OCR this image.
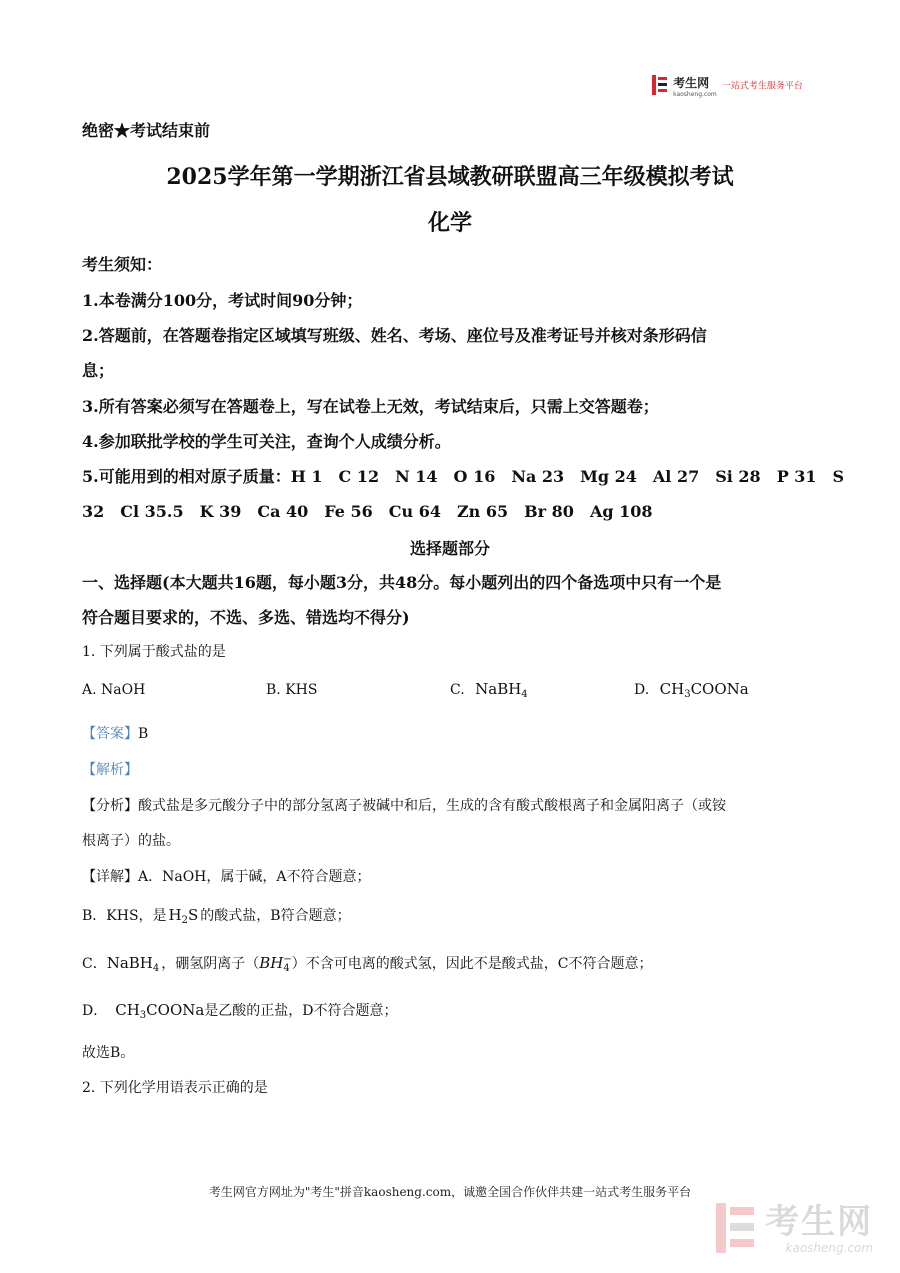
考生网
kaosheng.com
一站式考生服务平台
绝密★考试结束前
2025学年第一学期浙江省县域教研联盟高三年级模拟考试
化学
考生须知：
1.本卷满分100分，考试时间90分钟；
2.答题前，在答题卷指定区域填写班级、姓名、考场、座位号及准考证号并核对条形码信
息；
3.所有答案必须写在答题卷上，写在试卷上无效，考试结束后，只需上交答题卷；
4.参加联批学校的学生可关注，查询个人成绩分析。
5.可能用到的相对原子质量：H 1　C 12　N 14　O 16　Na 23　Mg 24　Al 27　Si 28　P 31　S
32　Cl 35.5　K 39　Ca 40　Fe 56　Cu 64　Zn 65　Br 80　Ag 108
选择题部分
一、选择题(本大题共16题，每小题3分，共48分。每小题列出的四个备选项中只有一个是
符合题目要求的，不选、多选、错选均不得分)
1. 下列属于酸式盐的是
A. NaOH	B. KHS	C. NaBH$_4$	D. $CH_3COONa$
【答案】B
【解析】
【分析】酸式盐是多元酸分子中的部分氢离子被碱中和后，生成的含有酸式酸根离子和金属阳离子（或铵
根离子）的盐。
【详解】A．NaOH，属于碱，A不符合题意；
B．KHS，是 $H_2S$ 的酸式盐，B符合题意；
C．NaBH$_4$ ，硼氢阴离子（BH −
4 ）不含可电离的酸式氢，因此不是酸式盐，C不符合题意；
D． $CH_3COONa$是乙酸的正盐，D不符合题意；
故选B。
2. 下列化学用语表示正确的是
考生网官方网址为"考生"拼音kaosheng.com，诚邀全国合作伙伴共建一站式考生服务平台

考生网
kaosheng.com
